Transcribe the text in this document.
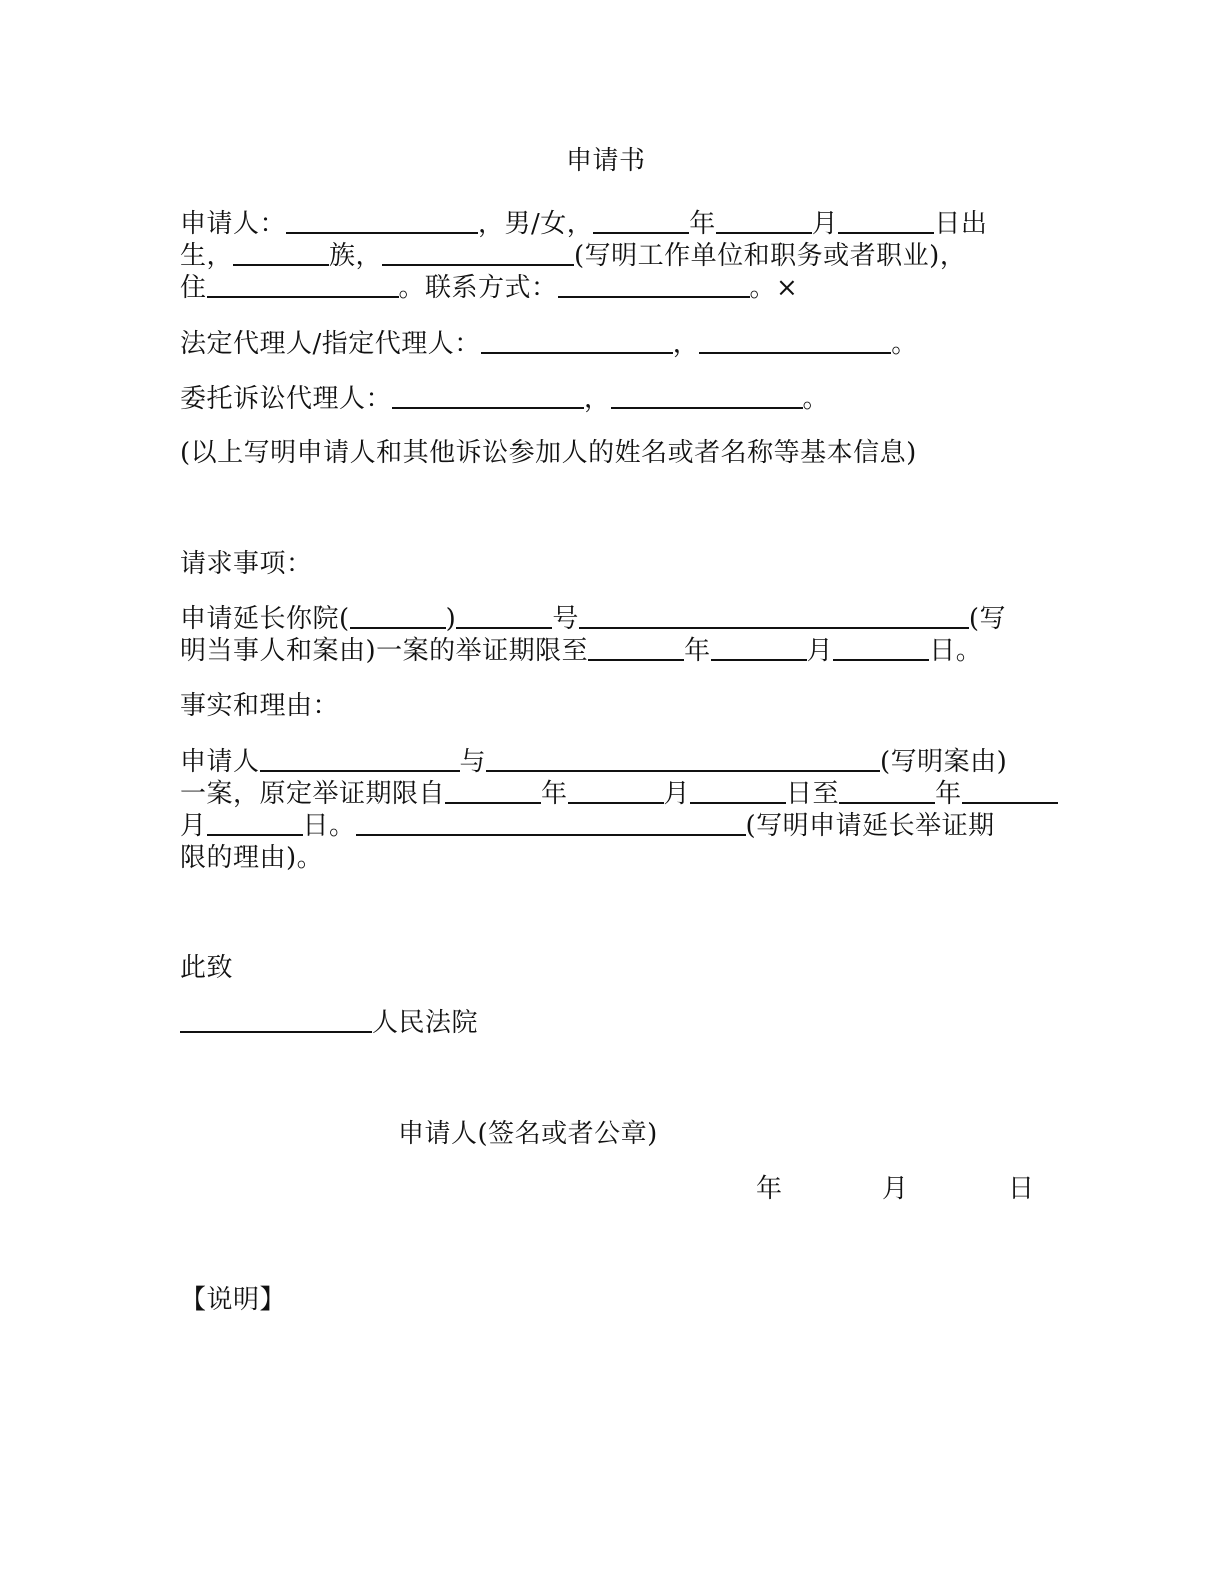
申请书
申请人：	，男/女，	年	月	日出
生，	族，	(写明工作单位和职务或者职业)，
住	。联系方式：	。×
法定代理人/指定代理人：	，	。
委托诉讼代理人：	，	。
(以上写明申请人和其他诉讼参加人的姓名或者名称等基本信息)
请求事项：
申请延长你院(	)	号	(写
明当事人和案由)一案的举证期限至	年	月	日。
事实和理由：
申请人	与	(写明案由)
一案，原定举证期限自	年	月	日至	年
月	日。	(写明申请延长举证期
限的理由)。
此致
人民法院
申请人(签名或者公章)
年	月	日
【说明】
